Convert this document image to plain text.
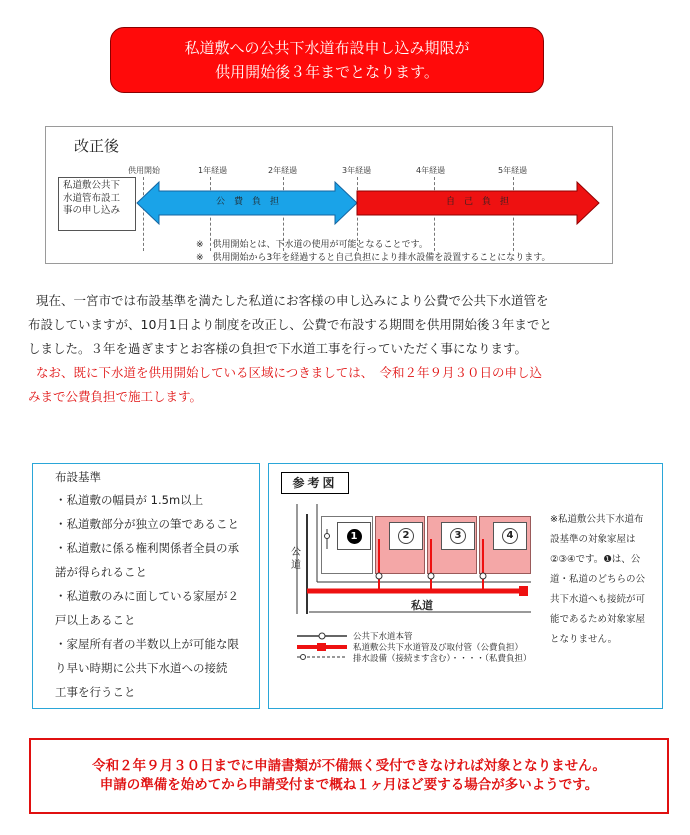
私道敷への公共下水道布設申し込み期限が
供用開始後３年までとなります。
改正後
供用開始	1年経過	2年経過	3年経過	4年経過	5年経過
私道敷公共下
水道管布設工
事の申し込み
公　費　負　担	自　己　負　担
※　供用開始とは、下水道の使用が可能となることです。
※　供用開始から3年を経過すると自己負担により排水設備を設置することになります。

現在、一宮市では布設基準を満たした私道にお客様の申し込みにより公費で公共下水道管を

布設していますが、10月1日より制度を改正し、公費で布設する期間を供用開始後３年までと

しました。３年を過ぎますとお客様の負担で下水道工事を行っていただく事になります。

なお、既に下水道を供用開始している区域につきましては、　令和２年９月３０日の申し込

みまで公費負担で施工します。

布設基準
・私道敷の幅員が 1.5m以上
・私道敷部分が独立の筆であること
・私道敷に係る権利関係者全員の承
諾が得られること
・私道敷のみに面している家屋が２
戸以上あること
・家屋所有者の半数以上が可能な限
り早い時期に公共下水道への接続
工事を行うこと
参考図
1	2	3	4
公道
私道
公共下水道本管
私道敷公共下水道管及び取付管（公費負担）
排水設備（接続ます含む）・・・・（私費負担）
※私道敷公共下水道布設基準の対象家屋は②③④です。❶は、公道・私道のどちらの公共下水道へも接続が可能であるため対象家屋となりません。
令和２年９月３０日までに申請書類が不備無く受付できなければ対象となりません。
申請の準備を始めてから申請受付まで概ね１ヶ月ほど要する場合が多いようです。
